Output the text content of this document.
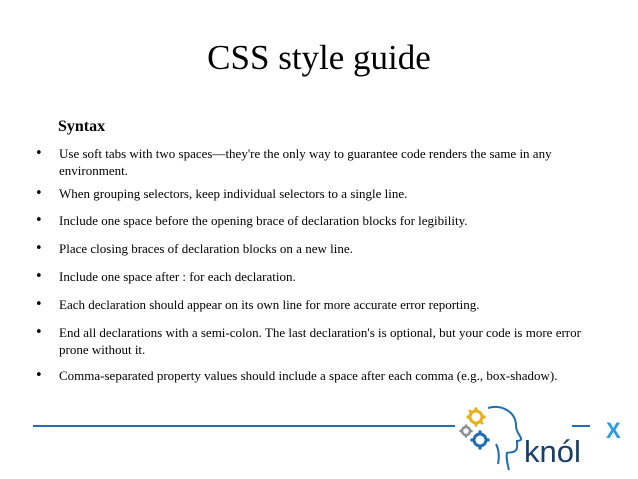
CSS style guide
Syntax
• Use soft tabs with two spaces—they're the only way to guarantee code renders the same in any environment.
• When grouping selectors, keep individual selectors to a single line.
• Include one space before the opening brace of declaration blocks for legibility.
• Place closing braces of declaration blocks on a new line.
• Include one space after : for each declaration.
• Each declaration should appear on its own line for more accurate error reporting.
• End all declarations with a semi-colon. The last declaration's is optional, but your code is more error prone without it.
• Comma-separated property values should include a space after each comma (e.g., box-shadow).
knól
X
